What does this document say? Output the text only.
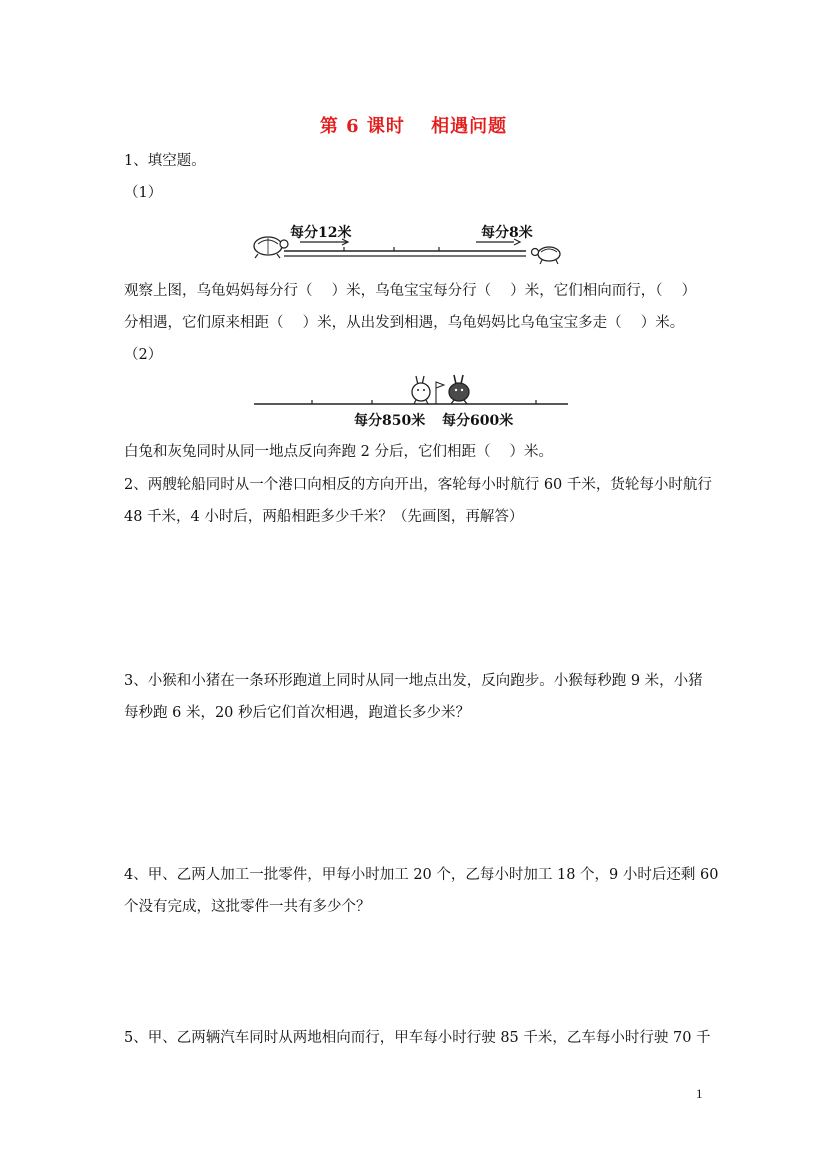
第 6 课时　 相遇问题
1、填空题。
（1）
每分12米	每分8米
观察上图，乌龟妈妈每分行（　 ）米，乌龟宝宝每分行（　 ）米，它们相向而行，（　 ）
分相遇，它们原来相距（　 ）米，从出发到相遇，乌龟妈妈比乌龟宝宝多走（　 ）米。
（2）
每分850米 每分600米
白兔和灰兔同时从同一地点反向奔跑 2 分后，它们相距（　 ）米。
2、两艘轮船同时从一个港口向相反的方向开出，客轮每小时航行 60 千米，货轮每小时航行
48 千米，4 小时后，两船相距多少千米？（先画图，再解答）
3、小猴和小猪在一条环形跑道上同时从同一地点出发，反向跑步。小猴每秒跑 9 米，小猪
每秒跑 6 米，20 秒后它们首次相遇，跑道长多少米？
4、甲、乙两人加工一批零件，甲每小时加工 20 个，乙每小时加工 18 个，9 小时后还剩 60
个没有完成，这批零件一共有多少个？
5、甲、乙两辆汽车同时从两地相向而行，甲车每小时行驶 85 千米，乙车每小时行驶 70 千
1
